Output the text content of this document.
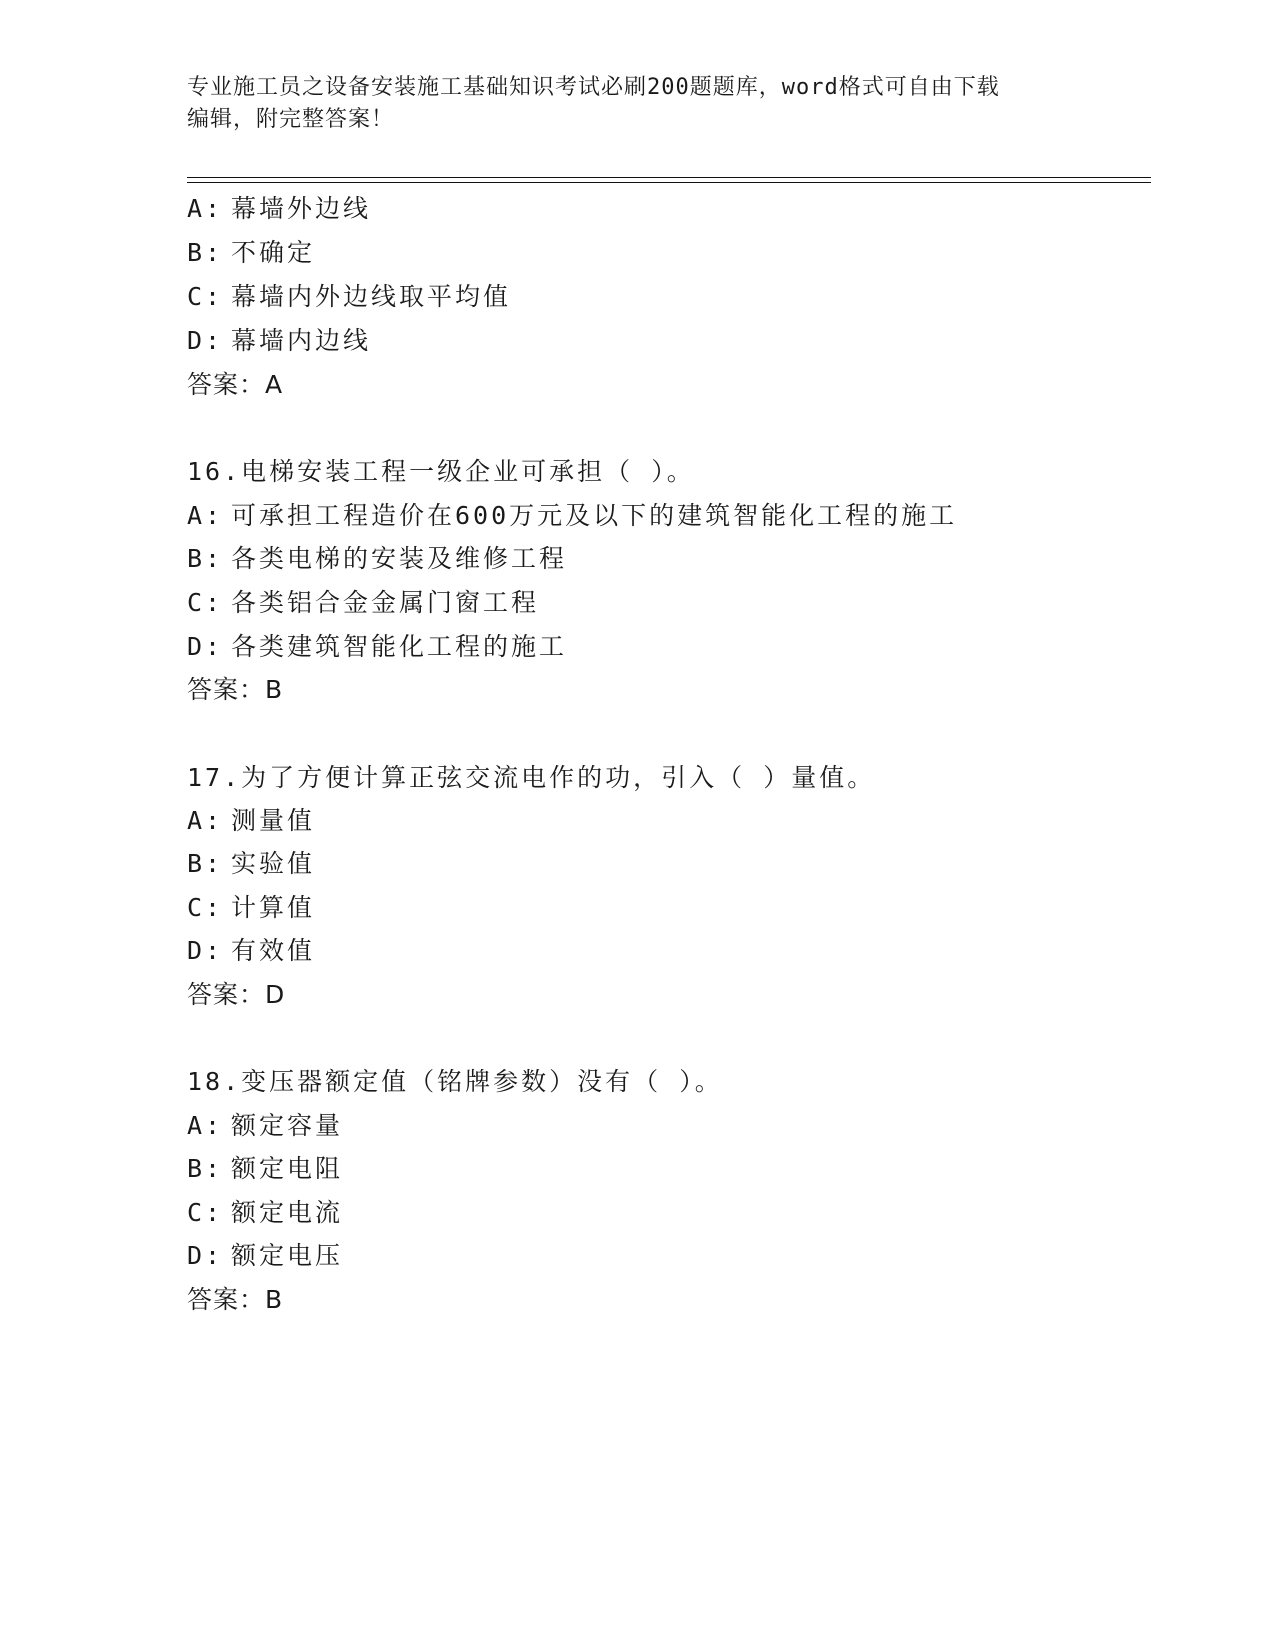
专业施工员之设备安装施工基础知识考试必刷200题题库，word格式可自由下载
编辑，附完整答案！
A: 幕墙外边线
B: 不确定
C: 幕墙内外边线取平均值
D: 幕墙内边线
答案：A
16.电梯安装工程一级企业可承担（ ）。
A: 可承担工程造价在600万元及以下的建筑智能化工程的施工
B: 各类电梯的安装及维修工程
C: 各类铝合金金属门窗工程
D: 各类建筑智能化工程的施工
答案：B
17.为了方便计算正弦交流电作的功，引入（ ）量值。
A: 测量值
B: 实验值
C: 计算值
D: 有效值
答案：D
18.变压器额定值（铭牌参数）没有（ ）。
A: 额定容量
B: 额定电阻
C: 额定电流
D: 额定电压
答案：B
